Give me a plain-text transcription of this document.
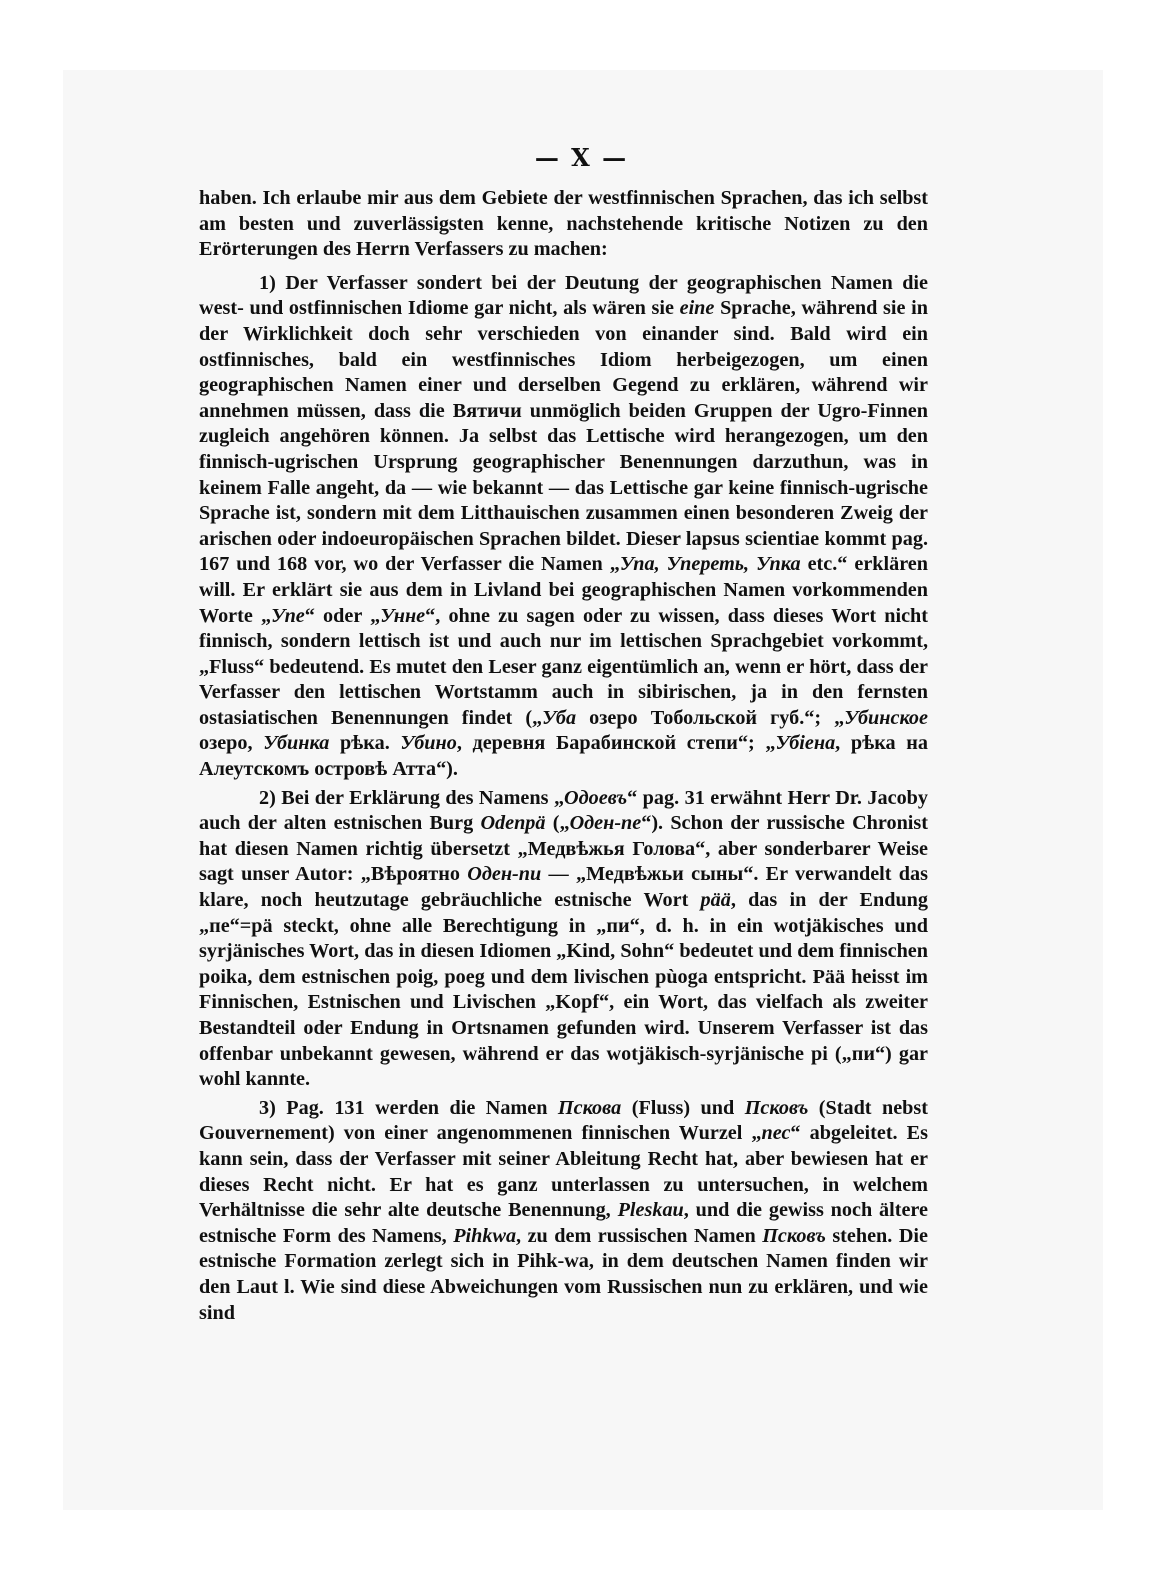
— X —

haben. Ich erlaube mir aus dem Gebiete der westfinnischen Sprachen, das ich selbst am besten und zuverlässigsten kenne, nachstehende kritische Notizen zu den Erörterungen des Herrn Verfassers zu machen:

1) Der Verfasser sondert bei der Deutung der geographischen Namen die west- und ostfinnischen Idiome gar nicht, als wären sie eine Sprache, während sie in der Wirklichkeit doch sehr verschieden von einander sind. Bald wird ein ostfinnisches, bald ein westfinnisches Idiom herbeigezogen, um einen geographischen Namen einer und derselben Gegend zu erklären, während wir annehmen müssen, dass die Вятичи unmöglich beiden Gruppen der Ugro-Finnen zugleich angehören können. Ja selbst das Lettische wird herangezogen, um den finnisch-ugrischen Ursprung geographischer Benennungen darzuthun, was in keinem Falle angeht, da — wie bekannt — das Lettische gar keine finnisch-ugrische Sprache ist, sondern mit dem Litthauischen zusammen einen besonderen Zweig der arischen oder indoeuropäischen Sprachen bildet. Dieser lapsus scientiae kommt pag. 167 und 168 vor, wo der Verfasser die Namen „Упа, Упереть, Упка etc.“ erklären will. Er erklärt sie aus dem in Livland bei geographischen Namen vorkommenden Worte „Упе“ oder „Унне“, ohne zu sagen oder zu wissen, dass dieses Wort nicht finnisch, sondern lettisch ist und auch nur im lettischen Sprachgebiet vorkommt, „Fluss“ bedeutend. Es mutet den Leser ganz eigentümlich an, wenn er hört, dass der Verfasser den lettischen Wortstamm auch in sibirischen, ja in den fernsten ostasiatischen Benennungen findet („Уба озеро Тобольской губ.“; „Убинское озеро, Убинка рѣка. Убино, деревня Барабинской степи“; „Убiена, рѣка на Алеутскомъ островѣ Атта“).

2) Bei der Erklärung des Namens „Одоевъ“ pag. 31 erwähnt Herr Dr. Jacoby auch der alten estnischen Burg Odenpä („Оден-пе“). Schon der russische Chronist hat diesen Namen richtig übersetzt „Медвѣжья Голова“, aber sonderbarer Weise sagt unser Autor: „Вѣроятно Оден-пи — „Медвѣжьи сыны“. Er verwandelt das klare, noch heutzutage gebräuchliche estnische Wort pää, das in der Endung „пе“=pä steckt, ohne alle Berechtigung in „пи“, d. h. in ein wotjäkisches und syrjänisches Wort, das in diesen Idiomen „Kind, Sohn“ bedeutet und dem finnischen poika, dem estnischen poig, poeg und dem livischen pùoga entspricht. Pää heisst im Finnischen, Estnischen und Livischen „Kopf“, ein Wort, das vielfach als zweiter Bestandteil oder Endung in Ortsnamen gefunden wird. Unserem Verfasser ist das offenbar unbekannt gewesen, während er das wotjäkisch-syrjänische pi („пи“) gar wohl kannte.

3) Pag. 131 werden die Namen Псковa (Fluss) und Псковъ (Stadt nebst Gouvernement) von einer angenommenen finnischen Wurzel „пес“ abgeleitet. Es kann sein, dass der Verfasser mit seiner Ableitung Recht hat, aber bewiesen hat er dieses Recht nicht. Er hat es ganz unterlassen zu untersuchen, in welchem Verhältnisse die sehr alte deutsche Benennung, Pleskau, und die gewiss noch ältere estnische Form des Namens, Pihkwa, zu dem russischen Namen Псковъ stehen. Die estnische Formation zerlegt sich in Pihk-wa, in dem deutschen Namen finden wir den Laut l. Wie sind diese Abweichungen vom Russischen nun zu erklären, und wie sind
